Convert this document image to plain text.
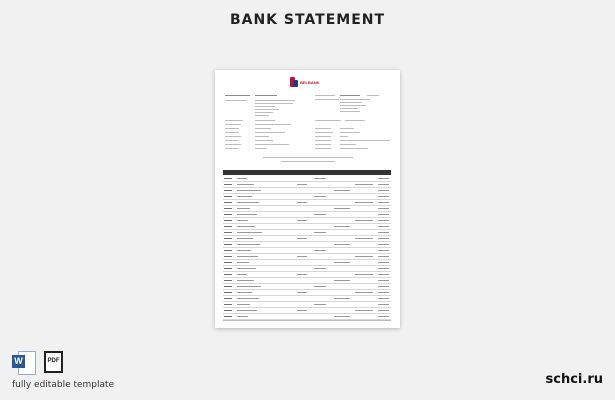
BANK STATEMENT
BELBANK
W	PDF
fully editable template	schci.ru
